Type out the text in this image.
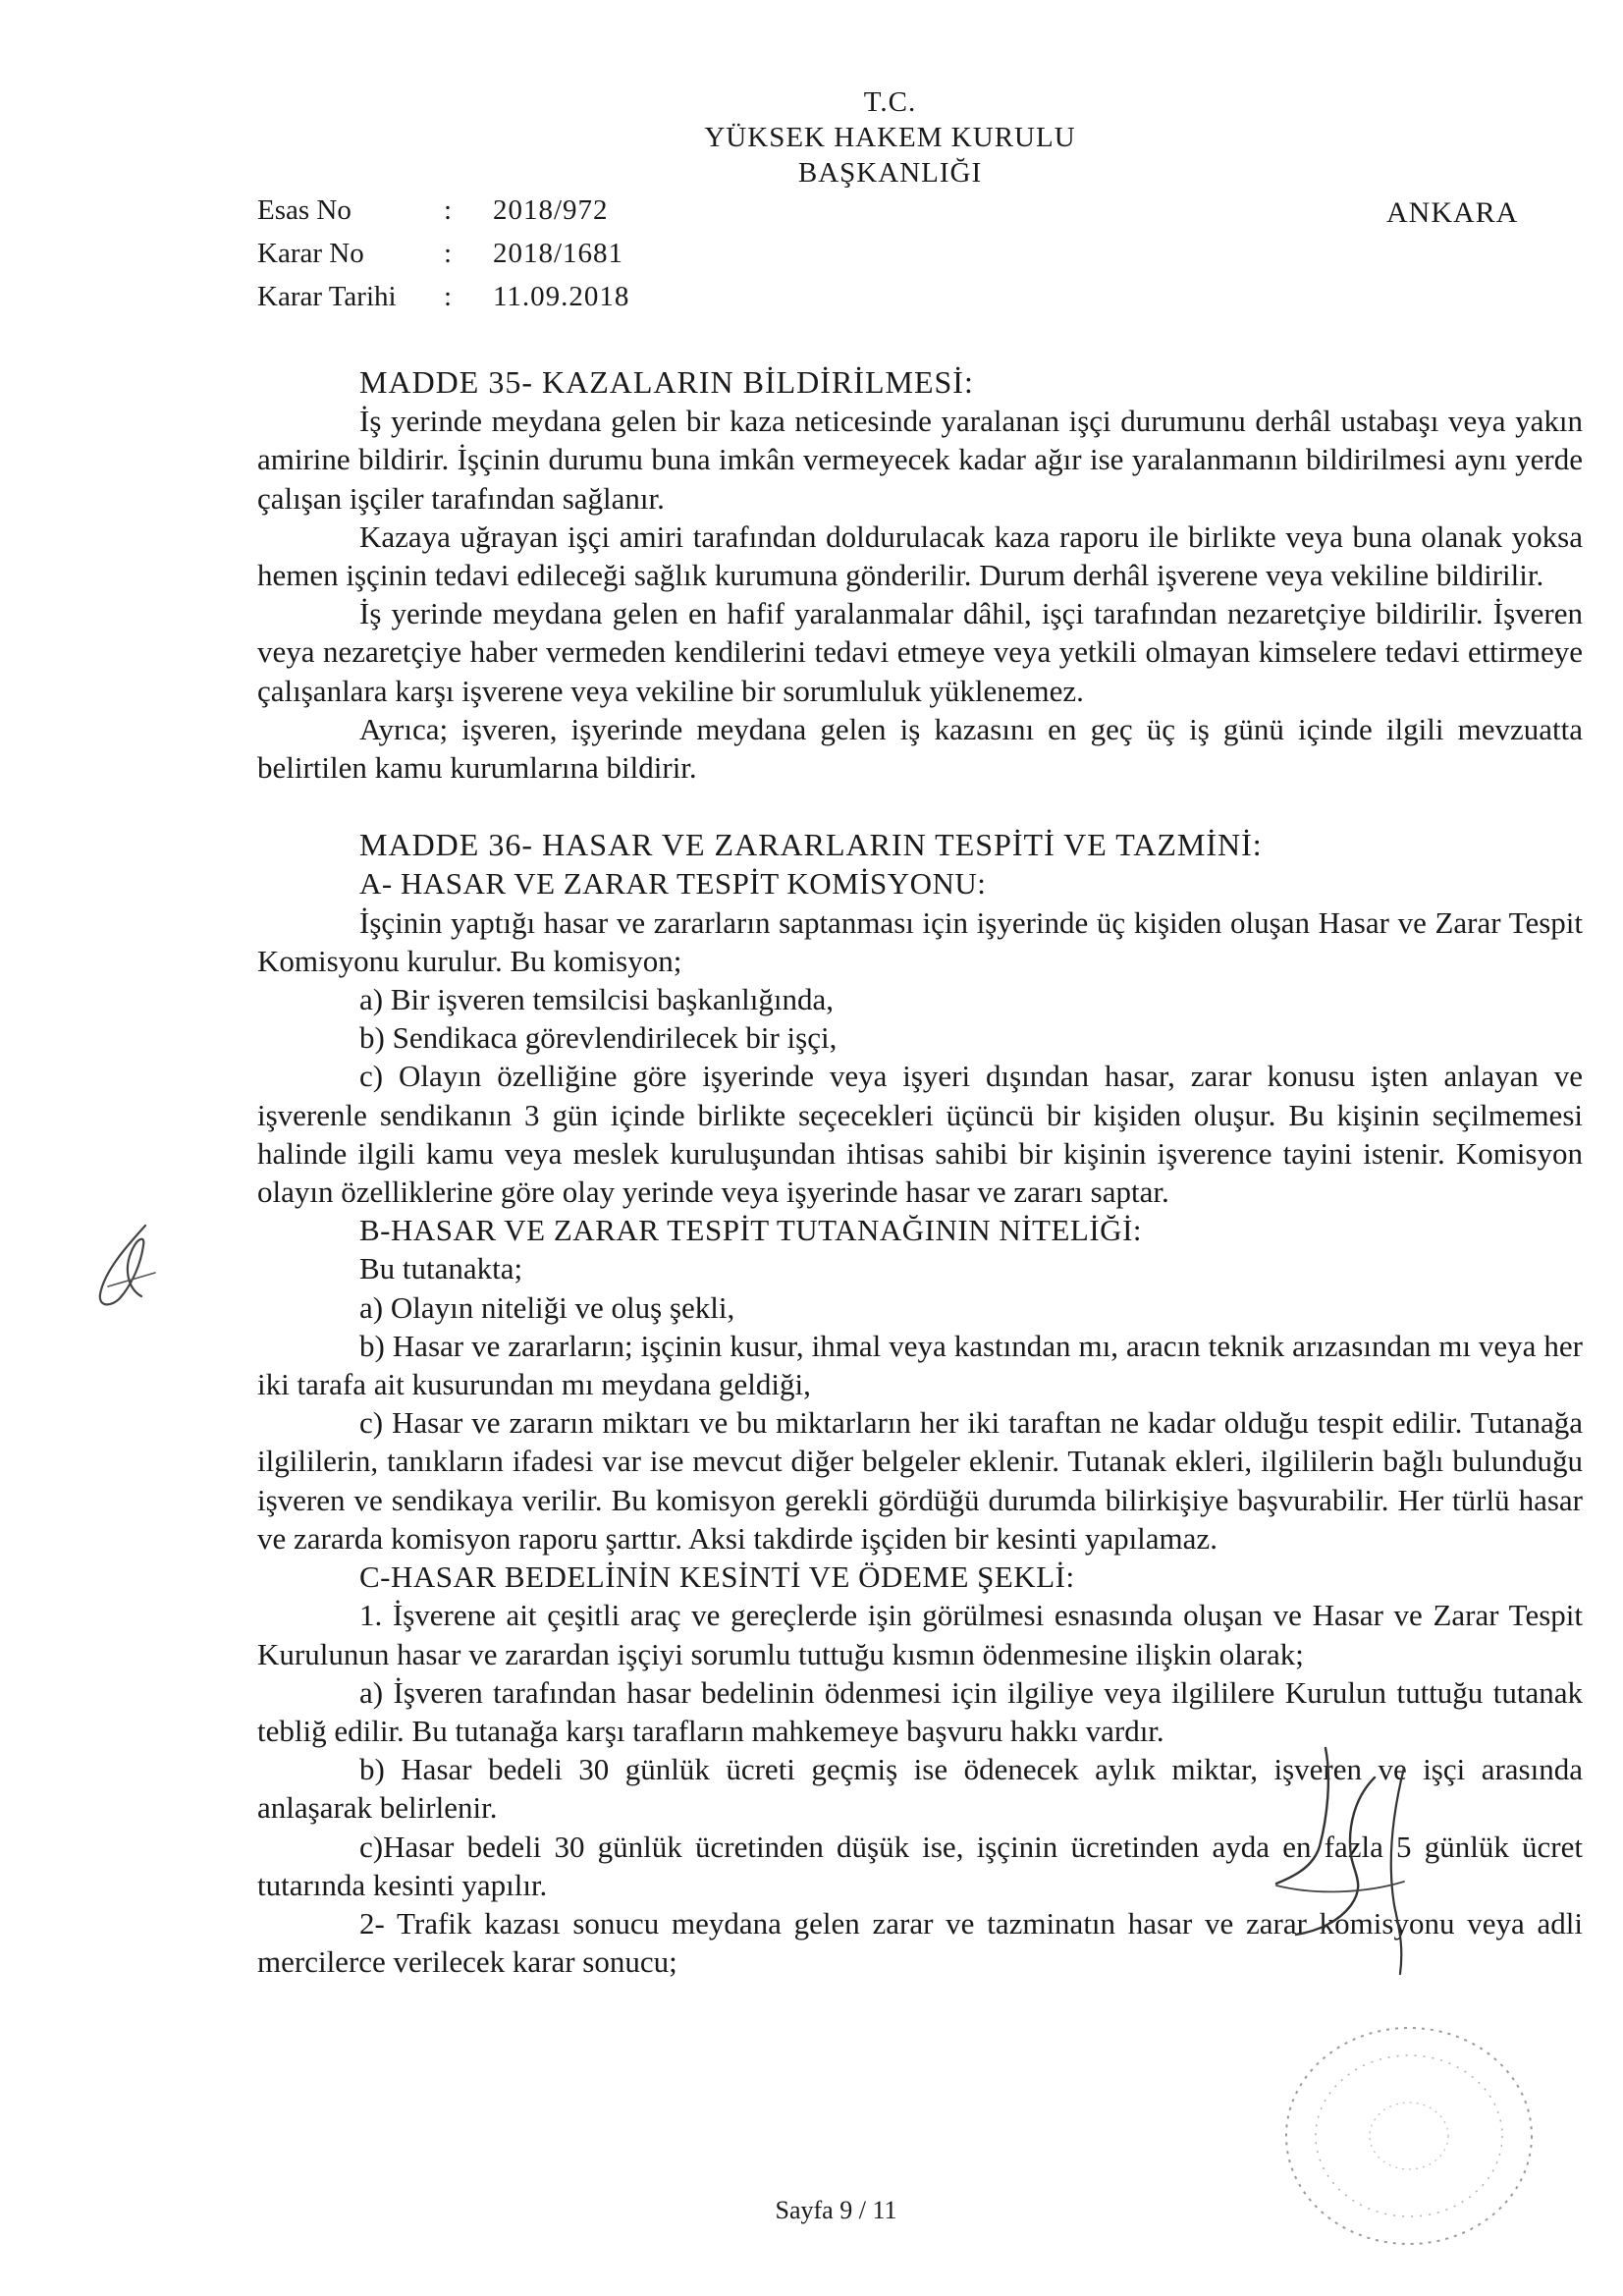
T.C.
YÜKSEK HAKEM KURULU
BAŞKANLIĞI
Esas No	:	2018/972
Karar No	:	2018/1681
Karar Tarihi	:	11.09.2018
ANKARA

MADDE 35- KAZALARIN BİLDİRİLMESİ:

İş yerinde meydana gelen bir kaza neticesinde yaralanan işçi durumunu derhâl ustabaşı veya yakın amirine bildirir. İşçinin durumu buna imkân vermeyecek kadar ağır ise yaralanmanın bildirilmesi aynı yerde çalışan işçiler tarafından sağlanır.

Kazaya uğrayan işçi amiri tarafından doldurulacak kaza raporu ile birlikte veya buna olanak yoksa hemen işçinin tedavi edileceği sağlık kurumuna gönderilir. Durum derhâl işverene veya vekiline bildirilir.

İş yerinde meydana gelen en hafif yaralanmalar dâhil, işçi tarafından nezaretçiye bildirilir. İşveren veya nezaretçiye haber vermeden kendilerini tedavi etmeye veya yetkili olmayan kimselere tedavi ettirmeye çalışanlara karşı işverene veya vekiline bir sorumluluk yüklenemez.

Ayrıca; işveren, işyerinde meydana gelen iş kazasını en geç üç iş günü içinde ilgili mevzuatta belirtilen kamu kurumlarına bildirir.

MADDE 36- HASAR VE ZARARLARIN TESPİTİ VE TAZMİNİ:

A- HASAR VE ZARAR TESPİT KOMİSYONU:

İşçinin yaptığı hasar ve zararların saptanması için işyerinde üç kişiden oluşan Hasar ve Zarar Tespit Komisyonu kurulur. Bu komisyon;

a) Bir işveren temsilcisi başkanlığında,

b) Sendikaca görevlendirilecek bir işçi,

c) Olayın özelliğine göre işyerinde veya işyeri dışından hasar, zarar konusu işten anlayan ve işverenle sendikanın 3 gün içinde birlikte seçecekleri üçüncü bir kişiden oluşur. Bu kişinin seçilmemesi halinde ilgili kamu veya meslek kuruluşundan ihtisas sahibi bir kişinin işverence tayini istenir. Komisyon olayın özelliklerine göre olay yerinde veya işyerinde hasar ve zararı saptar.

B-HASAR VE ZARAR TESPİT TUTANAĞININ NİTELİĞİ:

Bu tutanakta;

a) Olayın niteliği ve oluş şekli,

b) Hasar ve zararların; işçinin kusur, ihmal veya kastından mı, aracın teknik arızasından mı veya her iki tarafa ait kusurundan mı meydana geldiği,

c) Hasar ve zararın miktarı ve bu miktarların her iki taraftan ne kadar olduğu tespit edilir. Tutanağa ilgililerin, tanıkların ifadesi var ise mevcut diğer belgeler eklenir. Tutanak ekleri, ilgililerin bağlı bulunduğu işveren ve sendikaya verilir. Bu komisyon gerekli gördüğü durumda bilirkişiye başvurabilir. Her türlü hasar ve zararda komisyon raporu şarttır. Aksi takdirde işçiden bir kesinti yapılamaz.

C-HASAR BEDELİNİN KESİNTİ VE ÖDEME ŞEKLİ:

1. İşverene ait çeşitli araç ve gereçlerde işin görülmesi esnasında oluşan ve Hasar ve Zarar Tespit Kurulunun hasar ve zarardan işçiyi sorumlu tuttuğu kısmın ödenmesine ilişkin olarak;

a) İşveren tarafından hasar bedelinin ödenmesi için ilgiliye veya ilgililere Kurulun tuttuğu tutanak tebliğ edilir. Bu tutanağa karşı tarafların mahkemeye başvuru hakkı vardır.

b) Hasar bedeli 30 günlük ücreti geçmiş ise ödenecek aylık miktar, işveren ve işçi arasında anlaşarak belirlenir.

c)Hasar bedeli 30 günlük ücretinden düşük ise, işçinin ücretinden ayda en fazla 5 günlük ücret tutarında kesinti yapılır.

2- Trafik kazası sonucu meydana gelen zarar ve tazminatın hasar ve zarar komisyonu veya adli mercilerce verilecek karar sonucu;

Sayfa 9 / 11
